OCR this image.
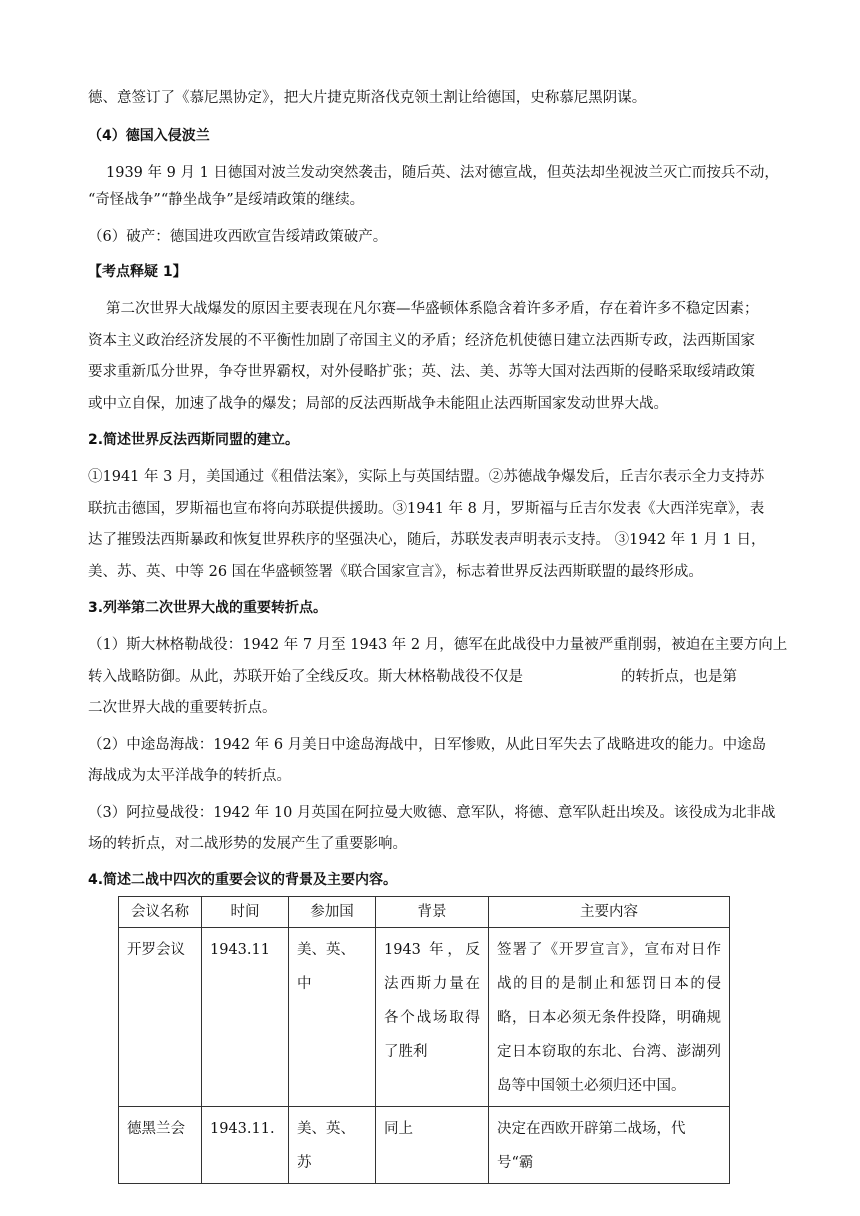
德、意签订了《慕尼黑协定》，把大片捷克斯洛伐克领土割让给德国，史称慕尼黑阴谋。
（4）德国入侵波兰
1939 年 9 月 1 日德国对波兰发动突然袭击，随后英、法对德宣战，但英法却坐视波兰灭亡而按兵不动，
“奇怪战争”“静坐战争”是绥靖政策的继续。
（6）破产：德国进攻西欧宣告绥靖政策破产。
【考点释疑 1】
第二次世界大战爆发的原因主要表现在凡尔赛—华盛顿体系隐含着许多矛盾，存在着许多不稳定因素；
资本主义政治经济发展的不平衡性加剧了帝国主义的矛盾；经济危机使德日建立法西斯专政，法西斯国家
要求重新瓜分世界，争夺世界霸权，对外侵略扩张；英、法、美、苏等大国对法西斯的侵略采取绥靖政策
或中立自保，加速了战争的爆发；局部的反法西斯战争未能阻止法西斯国家发动世界大战。
2.简述世界反法西斯同盟的建立。
①1941 年 3 月，美国通过《租借法案》，实际上与英国结盟。②苏德战争爆发后，丘吉尔表示全力支持苏
联抗击德国，罗斯福也宣布将向苏联提供援助。③1941 年 8 月，罗斯福与丘吉尔发表《大西洋宪章》，表
达了摧毁法西斯暴政和恢复世界秩序的坚强决心，随后，苏联发表声明表示支持。 ③1942 年 1 月 1 日，
美、苏、英、中等 26 国在华盛顿签署《联合国家宣言》，标志着世界反法西斯联盟的最终形成。
3.列举第二次世界大战的重要转折点。
（1）斯大林格勒战役：1942 年 7 月至 1943 年 2 月，德军在此战役中力量被严重削弱，被迫在主要方向上
转入战略防御。从此，苏联开始了全线反攻。斯大林格勒战役不仅是	的转折点，也是第
二次世界大战的重要转折点。
（2）中途岛海战：1942 年 6 月美日中途岛海战中，日军惨败，从此日军失去了战略进攻的能力。中途岛
海战成为太平洋战争的转折点。
（3）阿拉曼战役：1942 年 10 月英国在阿拉曼大败德、意军队，将德、意军队赶出埃及。该役成为北非战
场的转折点，对二战形势的发展产生了重要影响。
4.简述二战中四次的重要会议的背景及主要内容。
会议名称	时间	参加国	背景	主要内容

开罗会议	1943.11	美、英、中	1943 年，反法西斯力量在各个战场取得了胜利	签署了《开罗宣言》，宣布对日作战的目的是制止和惩罚日本的侵略，日本必须无条件投降，明确规定日本窃取的东北、台湾、澎湖列岛等中国领土必须归还中国。

德黑兰会	1943.11.	美、英、苏	同上	决定在西欧开辟第二战场，代号“霸
